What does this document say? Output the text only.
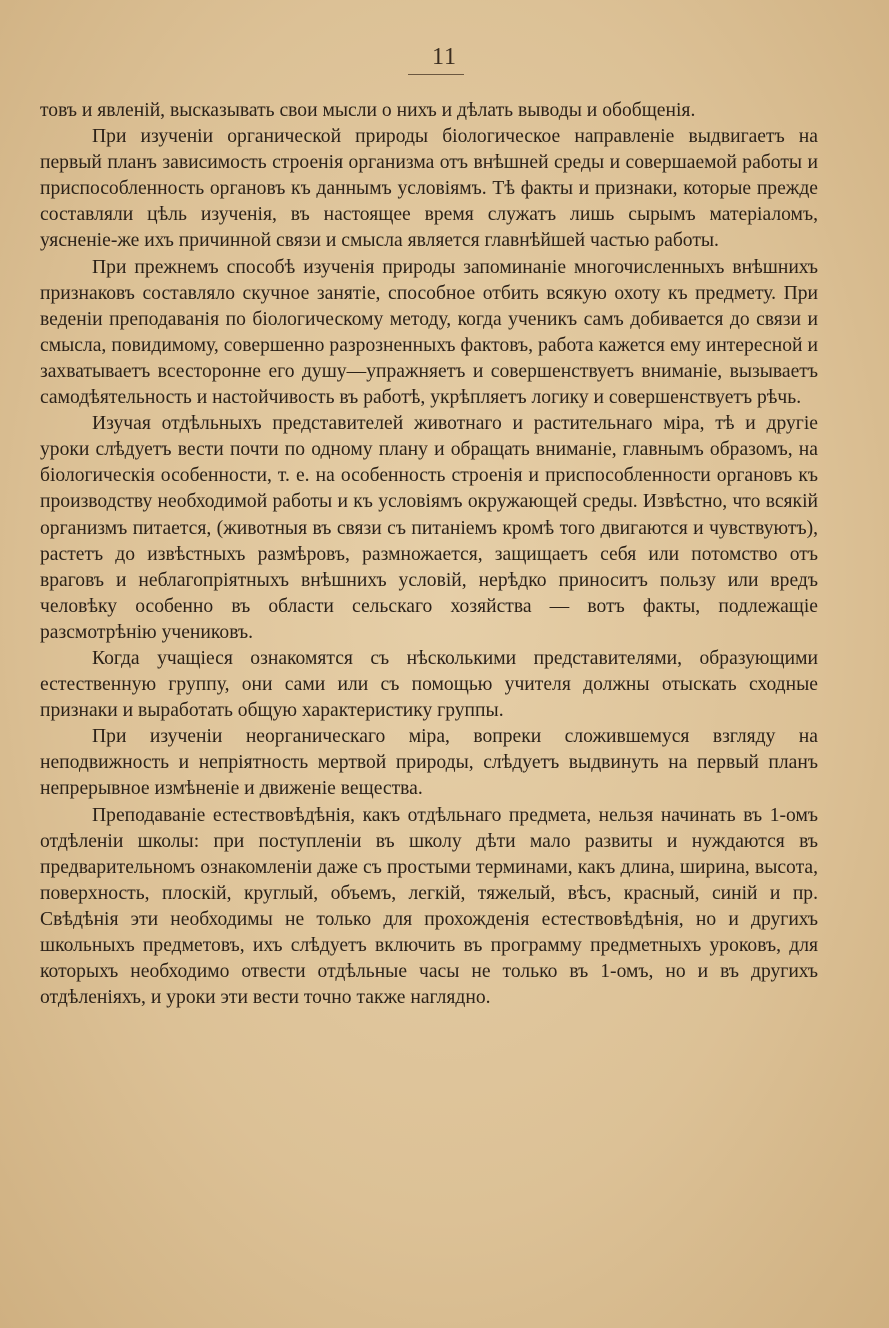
11

товъ и явленій, высказывать свои мысли о нихъ и дѣлать выводы и обобщенія.

При изученіи органической природы біологическое направленіе выдвигаетъ на первый планъ зависимость строенія организма отъ внѣшней среды и совершаемой работы и приспособленность органовъ къ даннымъ условіямъ. Тѣ факты и признаки, которые прежде составляли цѣль изученія, въ настоящее время служатъ лишь сырымъ матеріаломъ, уясненіе-же ихъ причинной связи и смысла является главнѣйшей частью работы.

При прежнемъ способѣ изученія природы запоминаніе многочисленныхъ внѣшнихъ признаковъ составляло скучное занятіе, способное отбить всякую охоту къ предмету. При веденіи преподаванія по біологическому методу, когда ученикъ самъ добивается до связи и смысла, повидимому, совершенно разрозненныхъ фактовъ, работа кажется ему интересной и захватываетъ всесторонне его душу—упражняетъ и совершенствуетъ вниманіе, вызываетъ самодѣятельность и настойчивость въ работѣ, укрѣпляетъ логику и совершенствуетъ рѣчь.

Изучая отдѣльныхъ представителей животнаго и растительнаго міра, тѣ и другіе уроки слѣдуетъ вести почти по одному плану и обращать вниманіе, главнымъ образомъ, на біологическія особенности, т. е. на особенность строенія и приспособленности органовъ къ производству необходимой работы и къ условіямъ окружающей среды. Извѣстно, что всякій организмъ питается, (животныя въ связи съ питаніемъ кромѣ того двигаются и чувствуютъ), растетъ до извѣстныхъ размѣровъ, размножается, защищаетъ себя или потомство отъ враговъ и неблагопріятныхъ внѣшнихъ условій, нерѣдко приноситъ пользу или вредъ человѣку особенно въ области сельскаго хозяйства — вотъ факты, подлежащіе разсмотрѣнію учениковъ.

Когда учащіеся ознакомятся съ нѣсколькими представителями, образующими естественную группу, они сами или съ помощью учителя должны отыскать сходные признаки и выработать общую характеристику группы.

При изученіи неорганическаго міра, вопреки сложившемуся взгляду на неподвижность и непріятность мертвой природы, слѣдуетъ выдвинуть на первый планъ непрерывное измѣненіе и движеніе вещества.

Преподаваніе естествовѣдѣнія, какъ отдѣльнаго предмета, нельзя начинать въ 1-омъ отдѣленіи школы: при поступленіи въ школу дѣти мало развиты и нуждаются въ предварительномъ ознакомленіи даже съ простыми терминами, какъ длина, ширина, высота, поверхность, плоскій, круглый, объемъ, легкій, тяжелый, вѣсъ, красный, синій и пр. Свѣдѣнія эти необходимы не только для прохожденія естествовѣдѣнія, но и другихъ школьныхъ предметовъ, ихъ слѣдуетъ включить въ программу предметныхъ уроковъ, для которыхъ необходимо отвести отдѣльные часы не только въ 1-омъ, но и въ другихъ отдѣленіяхъ, и уроки эти вести точно также наглядно.
